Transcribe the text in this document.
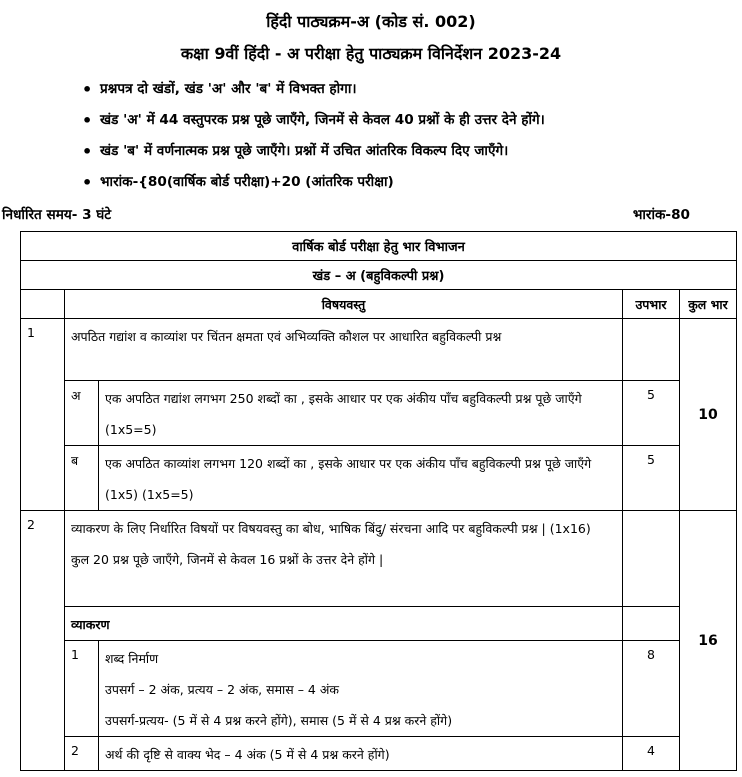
हिंदी पाठ्यक्रम-अ (कोड सं. 002)
कक्षा 9वीं हिंदी - अ परीक्षा हेतु पाठ्यक्रम विनिर्देशन 2023-24
• प्रश्नपत्र दो खंडों, खंड 'अ' और 'ब' में विभक्त होगा।
• खंड 'अ' में 44 वस्तुपरक प्रश्न पूछे जाएँगे, जिनमें से केवल 40 प्रश्नों के ही उत्तर देने होंगे।
• खंड 'ब' में वर्णनात्मक प्रश्न पूछे जाएँगे। प्रश्नों में उचित आंतरिक विकल्प दिए जाएँगे।
• भारांक-{80(वार्षिक बोर्ड परीक्षा)+20 (आंतरिक परीक्षा)
निर्धारित समय- 3 घंटे	भारांक-80
वार्षिक बोर्ड परीक्षा हेतु भार विभाजन				
खंड – अ (बहुविकल्पी प्रश्न)				
	विषयवस्तु		उपभार	कुल भार
1	अपठित गद्यांश व काव्यांश पर चिंतन क्षमता एवं अभिव्यक्ति कौशल पर आधारित बहुविकल्पी प्रश्न			10
	अ	एक अपठित गद्यांश लगभग 250 शब्दों का , इसके आधार पर एक अंकीय पाँच बहुविकल्पी प्रश्न पूछे जाएँगे (1x5=5)	5	
	ब	एक अपठित काव्यांश लगभग 120 शब्दों का , इसके आधार पर एक अंकीय पाँच बहुविकल्पी प्रश्न पूछे जाएँगे (1x5) (1x5=5)	5	
2	व्याकरण के लिए निर्धारित विषयों पर विषयवस्तु का बोध, भाषिक बिंदु/ संरचना आदि पर बहुविकल्पी प्रश्न | (1x16)
कुल 20 प्रश्न पूछे जाएँगे, जिनमें से केवल 16 प्रश्नों के उत्तर देने होंगे |			16
	व्याकरण			
	1	शब्द निर्माण
उपसर्ग – 2 अंक, प्रत्यय – 2 अंक, समास – 4 अंक
उपसर्ग-प्रत्यय- (5 में से 4 प्रश्न करने होंगे), समास (5 में से 4 प्रश्न करने होंगे)	8	
	2	अर्थ की दृष्टि से वाक्य भेद – 4 अंक (5 में से 4 प्रश्न करने होंगे)	4	
